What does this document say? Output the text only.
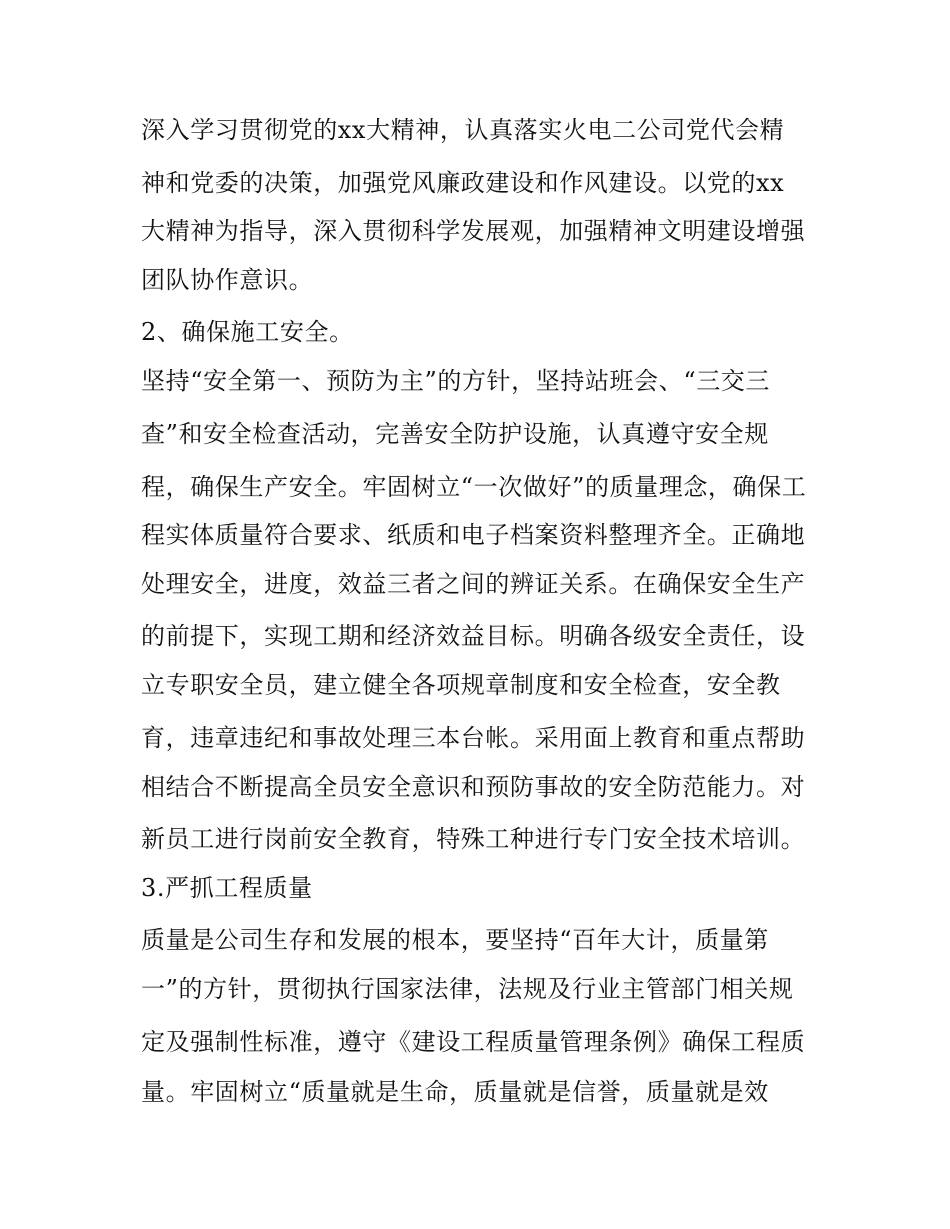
深入学习贯彻党的xx大精神，认真落实火电二公司党代会精
神和党委的决策，加强党风廉政建设和作风建设。以党的xx
大精神为指导，深入贯彻科学发展观，加强精神文明建设增强
团队协作意识。
2、确保施工安全。
坚持“安全第一、预防为主”的方针，坚持站班会、“三交三
查”和安全检查活动，完善安全防护设施，认真遵守安全规
程，确保生产安全。牢固树立“一次做好”的质量理念，确保工
程实体质量符合要求、纸质和电子档案资料整理齐全。正确地
处理安全，进度，效益三者之间的辨证关系。在确保安全生产
的前提下，实现工期和经济效益目标。明确各级安全责任，设
立专职安全员，建立健全各项规章制度和安全检查，安全教
育，违章违纪和事故处理三本台帐。采用面上教育和重点帮助
相结合不断提高全员安全意识和预防事故的安全防范能力。对
新员工进行岗前安全教育，特殊工种进行专门安全技术培训。
3.严抓工程质量
质量是公司生存和发展的根本，要坚持“百年大计，质量第
一”的方针，贯彻执行国家法律，法规及行业主管部门相关规
定及强制性标准，遵守《建设工程质量管理条例》确保工程质
量。牢固树立“质量就是生命，质量就是信誉，质量就是效
